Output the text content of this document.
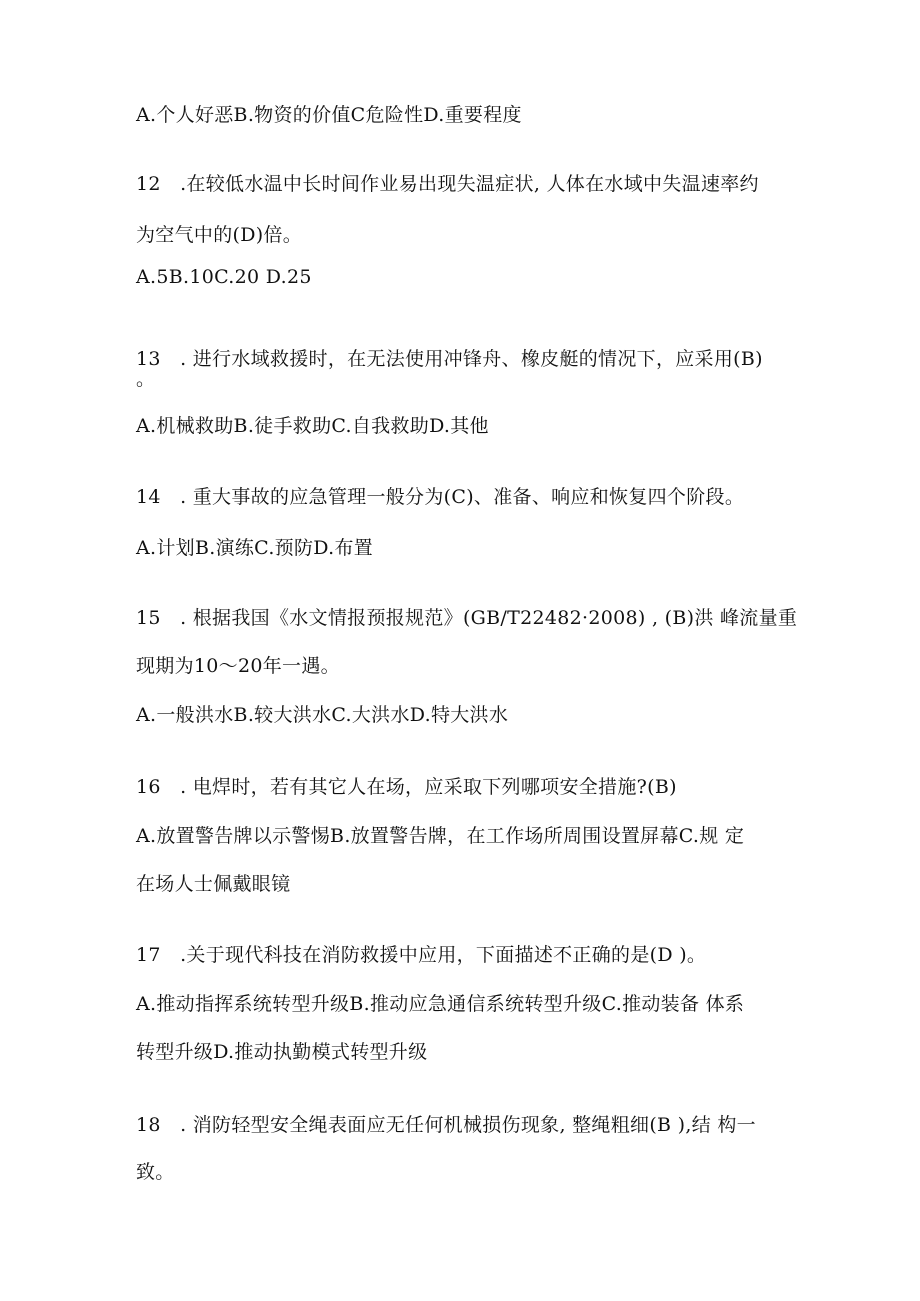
A.个人好恶B.物资的价值C危险性D.重要程度
12　.在较低水温中长时间作业易出现失温症状, 人体在水域中失温速率约
为空气中的(D)倍。
A.5B.10C.20 D.25
13　. 进行水域救援时，在无法使用冲锋舟、橡皮艇的情况下，应采用(B)
。
A.机械救助B.徒手救助C.自我救助D.其他
14　. 重大事故的应急管理一般分为(C)、准备、响应和恢复四个阶段。
A.计划B.演练C.预防D.布置
15　. 根据我国《水文情报预报规范》(GB/T22482·2008) , (B)洪 峰流量重
现期为10～20年一遇。
A.一般洪水B.较大洪水C.大洪水D.特大洪水
16　. 电焊时，若有其它人在场，应采取下列哪项安全措施?(B)
A.放置警告牌以示警惕B.放置警告牌，在工作场所周围设置屏幕C.规 定
在场人士佩戴眼镜
17　.关于现代科技在消防救援中应用，下面描述不正确的是(D )。
A.推动指挥系统转型升级B.推动应急通信系统转型升级C.推动装备 体系
转型升级D.推动执勤模式转型升级
18　. 消防轻型安全绳表面应无任何机械损伤现象, 整绳粗细(B ),结 构一
致。
